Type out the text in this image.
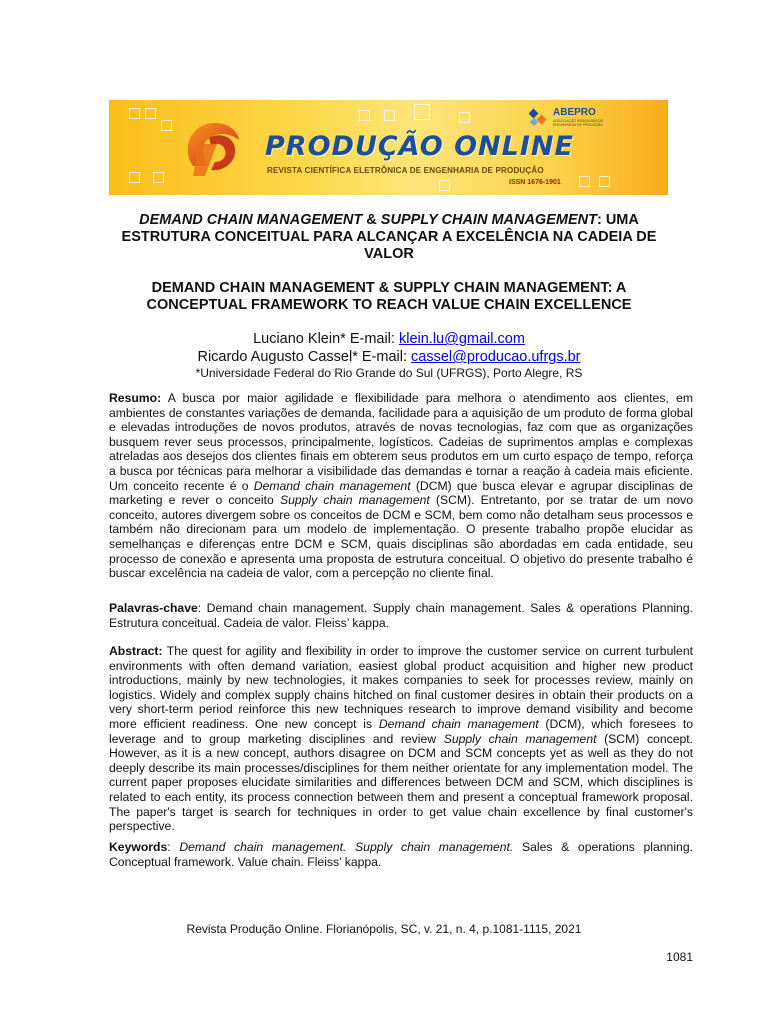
PRODUÇÃO ONLINE
REVISTA CIENTÍFICA ELETRÔNICA DE ENGENHARIA DE PRODUÇÃO
ISSN 1676-1901
ABEPRO
ASSOCIAÇÃO BRASILEIRA DE ENGENHARIA DE PRODUÇÃO
DEMAND CHAIN MANAGEMENT & SUPPLY CHAIN MANAGEMENT: UMA ESTRUTURA CONCEITUAL PARA ALCANÇAR A EXCELÊNCIA NA CADEIA DE VALOR
DEMAND CHAIN MANAGEMENT & SUPPLY CHAIN MANAGEMENT: A CONCEPTUAL FRAMEWORK TO REACH VALUE CHAIN EXCELLENCE
Luciano Klein* E-mail: klein.lu@gmail.com
Ricardo Augusto Cassel* E-mail: cassel@producao.ufrgs.br
*Universidade Federal do Rio Grande do Sul (UFRGS), Porto Alegre, RS
Resumo: A busca por maior agilidade e flexibilidade para melhora o atendimento aos clientes, em ambientes de constantes variações de demanda, facilidade para a aquisição de um produto de forma global e elevadas introduções de novos produtos, através de novas tecnologias, faz com que as organizações busquem rever seus processos, principalmente, logísticos. Cadeias de suprimentos amplas e complexas atreladas aos desejos dos clientes finais em obterem seus produtos em um curto espaço de tempo, reforça a busca por técnicas para melhorar a visibilidade das demandas e tornar a reação à cadeia mais eficiente. Um conceito recente é o Demand chain management (DCM) que busca elevar e agrupar disciplinas de marketing e rever o conceito Supply chain management (SCM). Entretanto, por se tratar de um novo conceito, autores divergem sobre os conceitos de DCM e SCM, bem como não detalham seus processos e também não direcionam para um modelo de implementação. O presente trabalho propõe elucidar as semelhanças e diferenças entre DCM e SCM, quais disciplinas são abordadas em cada entidade, seu processo de conexão e apresenta uma proposta de estrutura conceitual. O objetivo do presente trabalho é buscar excelência na cadeia de valor, com a percepção no cliente final.
Palavras-chave: Demand chain management. Supply chain management. Sales & operations Planning. Estrutura conceitual. Cadeia de valor. Fleiss’ kappa.
Abstract: The quest for agility and flexibility in order to improve the customer service on current turbulent environments with often demand variation, easiest global product acquisition and higher new product introductions, mainly by new technologies, it makes companies to seek for processes review, mainly on logistics. Widely and complex supply chains hitched on final customer desires in obtain their products on a very short-term period reinforce this new techniques research to improve demand visibility and become more efficient readiness. One new concept is Demand chain management (DCM), which foresees to leverage and to group marketing disciplines and review Supply chain management (SCM) concept. However, as it is a new concept, authors disagree on DCM and SCM concepts yet as well as they do not deeply describe its main processes/disciplines for them neither orientate for any implementation model. The current paper proposes elucidate similarities and differences between DCM and SCM, which disciplines is related to each entity, its process connection between them and present a conceptual framework proposal. The paper's target is search for techniques in order to get value chain excellence by final customer's perspective.
Keywords: Demand chain management. Supply chain management. Sales & operations planning. Conceptual framework. Value chain. Fleiss’ kappa.
Revista Produção Online. Florianópolis, SC, v. 21, n. 4, p.1081-1115, 2021
1081
